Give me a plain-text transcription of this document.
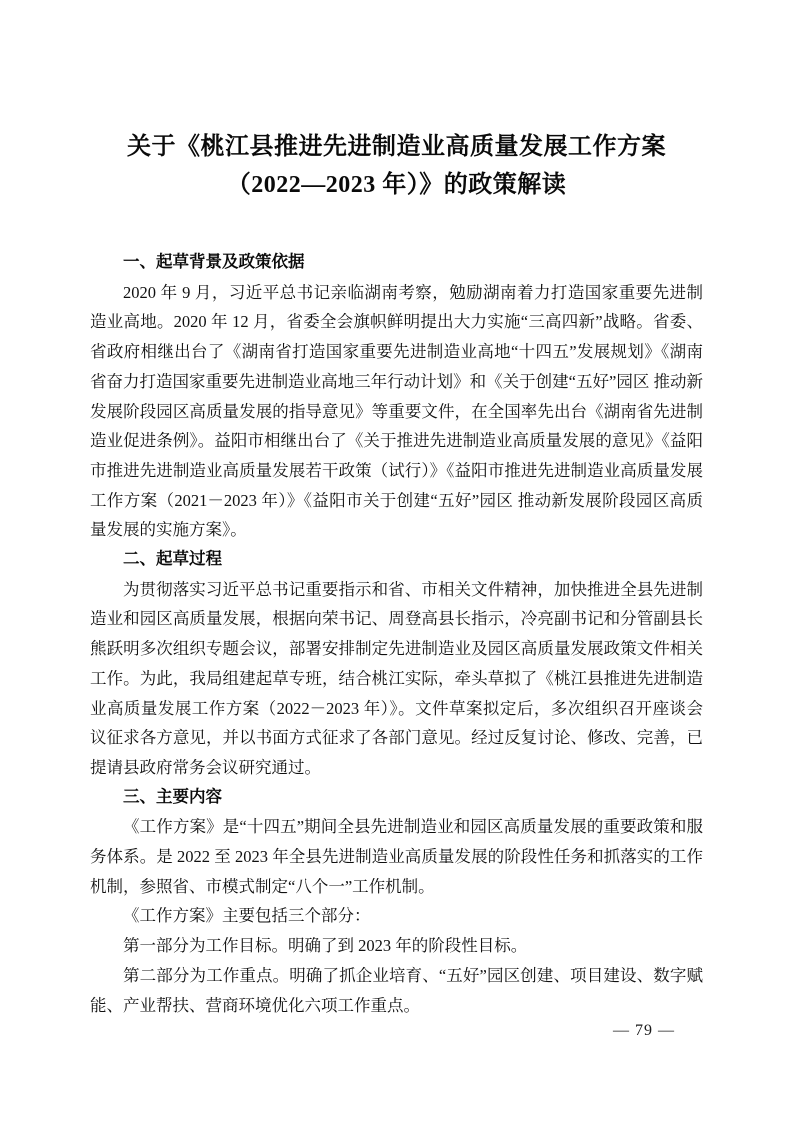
关于《桃江县推进先进制造业高质量发展工作方案
（2022—2023 年）》的政策解读
一、起草背景及政策依据

2020 年 9 月，习近平总书记亲临湖南考察，勉励湖南着力打造国家重要先进制造业高地。2020 年 12 月，省委全会旗帜鲜明提出大力实施“三高四新”战略。省委、省政府相继出台了《湖南省打造国家重要先进制造业高地“十四五”发展规划》《湖南省奋力打造国家重要先进制造业高地三年行动计划》和《关于创建“五好”园区 推动新发展阶段园区高质量发展的指导意见》等重要文件，在全国率先出台《湖南省先进制造业促进条例》。益阳市相继出台了《关于推进先进制造业高质量发展的意见》《益阳市推进先进制造业高质量发展若干政策（试行）》《益阳市推进先进制造业高质量发展工作方案（2021－2023 年）》《益阳市关于创建“五好”园区 推动新发展阶段园区高质量发展的实施方案》。

二、起草过程

为贯彻落实习近平总书记重要指示和省、市相关文件精神，加快推进全县先进制造业和园区高质量发展，根据向荣书记、周登高县长指示，冷亮副书记和分管副县长熊跃明多次组织专题会议，部署安排制定先进制造业及园区高质量发展政策文件相关工作。为此，我局组建起草专班，结合桃江实际，牵头草拟了《桃江县推进先进制造业高质量发展工作方案（2022－2023 年）》。文件草案拟定后，多次组织召开座谈会议征求各方意见，并以书面方式征求了各部门意见。经过反复讨论、修改、完善，已提请县政府常务会议研究通过。

三、主要内容

《工作方案》是“十四五”期间全县先进制造业和园区高质量发展的重要政策和服务体系。是 2022 至 2023 年全县先进制造业高质量发展的阶段性任务和抓落实的工作机制，参照省、市模式制定“八个一”工作机制。

《工作方案》主要包括三个部分：

第一部分为工作目标。明确了到 2023 年的阶段性目标。

第二部分为工作重点。明确了抓企业培育、“五好”园区创建、项目建设、数字赋能、产业帮扶、营商环境优化六项工作重点。

— 79 —
